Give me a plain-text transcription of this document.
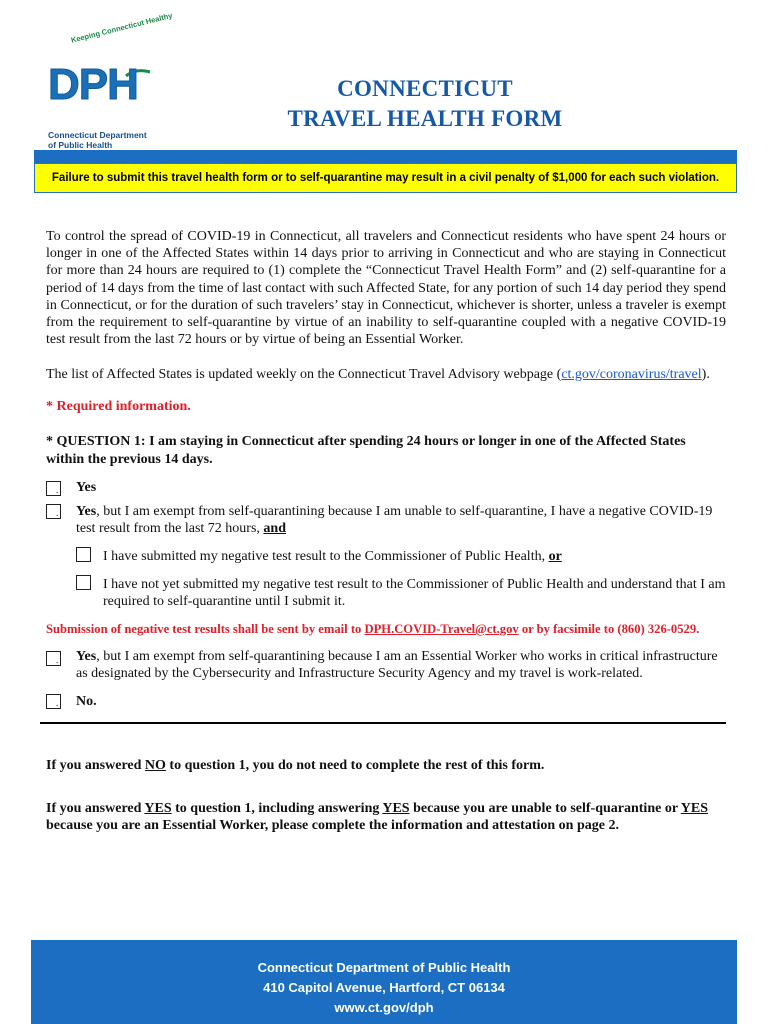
Keeping Connecticut Healthy
DPH
Connecticut Department
of Public Health
CONNECTICUT
TRAVEL HEALTH FORM
Failure to submit this travel health form or to self-quarantine may result in a civil penalty of $1,000 for each such violation.
To control the spread of COVID-19 in Connecticut, all travelers and Connecticut residents who have spent 24 hours or longer in one of the Affected States within 14 days prior to arriving in Connecticut and who are staying in Connecticut for more than 24 hours are required to (1) complete the “Connecticut Travel Health Form” and (2) self-quarantine for a period of 14 days from the time of last contact with such Affected State, for any portion of such 14 day period they spend in Connecticut, or for the duration of such travelers’ stay in Connecticut, whichever is shorter, unless a traveler is exempt from the requirement to self-quarantine by virtue of an inability to self-quarantine coupled with a negative COVID-19 test result from the last 72 hours or by virtue of being an Essential Worker.
The list of Affected States is updated weekly on the Connecticut Travel Advisory webpage (ct.gov/coronavirus/travel).
* Required information.
* QUESTION 1: I am staying in Connecticut after spending 24 hours or longer in one of the Affected States within the previous 14 days.
. Yes
. Yes, but I am exempt from self-quarantining because I am unable to self-quarantine, I have a negative COVID-19 test result from the last 72 hours, and
I have submitted my negative test result to the Commissioner of Public Health, or
I have not yet submitted my negative test result to the Commissioner of Public Health and understand that I am required to self-quarantine until I submit it.
Submission of negative test results shall be sent by email to DPH.COVID-Travel@ct.gov or by facsimile to (860) 326-0529.
. Yes, but I am exempt from self-quarantining because I am an Essential Worker who works in critical infrastructure as designated by the Cybersecurity and Infrastructure Security Agency and my travel is work-related.
. No.
If you answered NO to question 1, you do not need to complete the rest of this form.
If you answered YES to question 1, including answering YES because you are unable to self-quarantine or YES because you are an Essential Worker, please complete the information and attestation on page 2.
Connecticut Department of Public Health
410 Capitol Avenue, Hartford, CT 06134
www.ct.gov/dph
